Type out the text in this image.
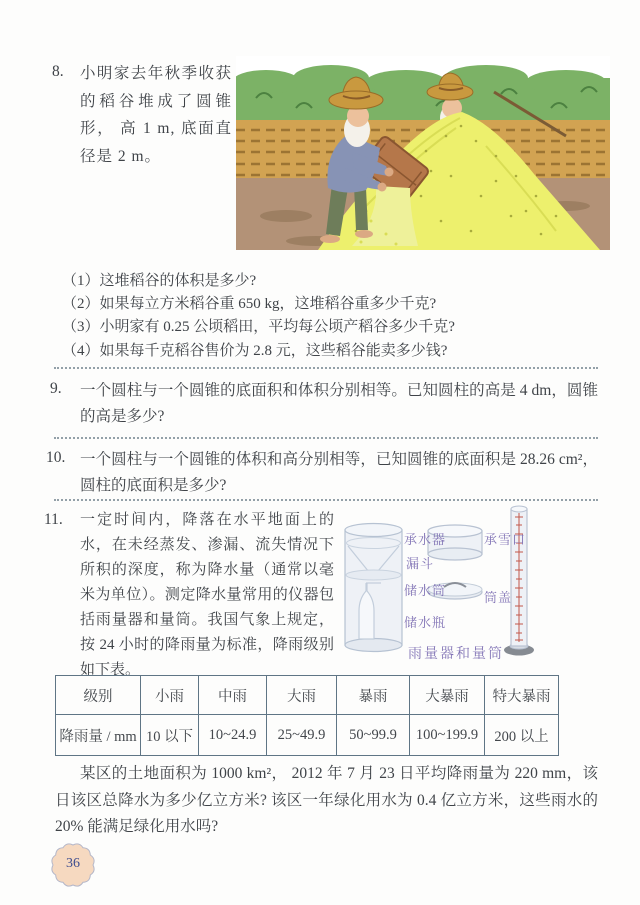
8. 小明家去年秋季收获的稻谷堆成了圆锥形， 高 1 m, 底面直径是 2 m。
（1）这堆稻谷的体积是多少?
（2）如果每立方米稻谷重 650 kg，这堆稻谷重多少千克?
（3）小明家有 0.25 公顷稻田，平均每公顷产稻谷多少千克?
（4）如果每千克稻谷售价为 2.8 元，这些稻谷能卖多少钱?
9. 一个圆柱与一个圆锥的底面积和体积分别相等。已知圆柱的高是 4 dm，圆锥的高是多少?
10. 一个圆柱与一个圆锥的体积和高分别相等，已知圆锥的底面积是 28.26 cm²，圆柱的底面积是多少?
11. 一定时间内，降落在水平地面上的水，在未经蒸发、渗漏、流失情况下所积的深度，称为降水量（通常以毫米为单位）。测定降水量常用的仪器包括雨量器和量筒。我国气象上规定，按 24 小时的降雨量为标准，降雨级别如下表。
承水器
漏斗
承雪口
储水筒	筒盖
储水瓶
雨量器和量筒
级别	小雨	中雨	大雨	暴雨	大暴雨	特大暴雨
降雨量 / mm	10 以下	10~24.9	25~49.9	50~99.9	100~199.9	200 以上
某区的土地面积为 1000 km²， 2012 年 7 月 23 日平均降雨量为 220 mm，该日该区总降水为多少亿立方米? 该区一年绿化用水为 0.4 亿立方米，这些雨水的 20% 能满足绿化用水吗?
36
